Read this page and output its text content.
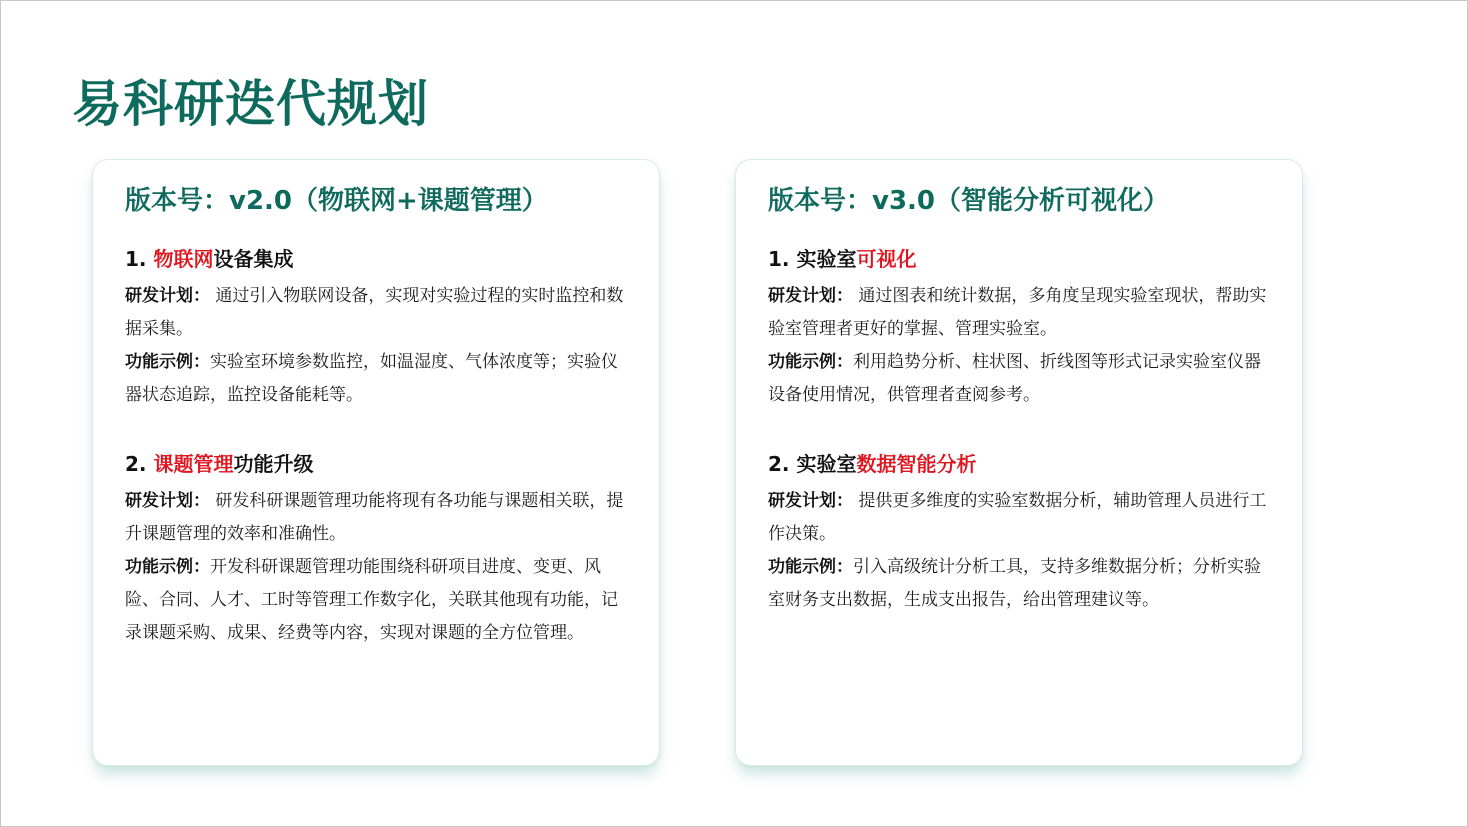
易科研迭代规划
版本号：v2.0（物联网+课题管理）
1. 物联网设备集成

研发计划： 通过引入物联网设备，实现对实验过程的实时监控和数据采集。

功能示例：实验室环境参数监控，如温湿度、气体浓度等；实验仪器状态追踪，监控设备能耗等。

2. 课题管理功能升级

研发计划： 研发科研课题管理功能将现有各功能与课题相关联，提升课题管理的效率和准确性。

功能示例：开发科研课题管理功能围绕科研项目进度、变更、风险、合同、人才、工时等管理工作数字化，关联其他现有功能，记录课题采购、成果、经费等内容，实现对课题的全方位管理。

版本号：v3.0（智能分析可视化）
1. 实验室可视化

研发计划： 通过图表和统计数据，多角度呈现实验室现状，帮助实验室管理者更好的掌握、管理实验室。

功能示例：利用趋势分析、柱状图、折线图等形式记录实验室仪器设备使用情况，供管理者查阅参考。

2. 实验室数据智能分析

研发计划： 提供更多维度的实验室数据分析，辅助管理人员进行工作决策。

功能示例：引入高级统计分析工具，支持多维数据分析；分析实验室财务支出数据，生成支出报告，给出管理建议等。
